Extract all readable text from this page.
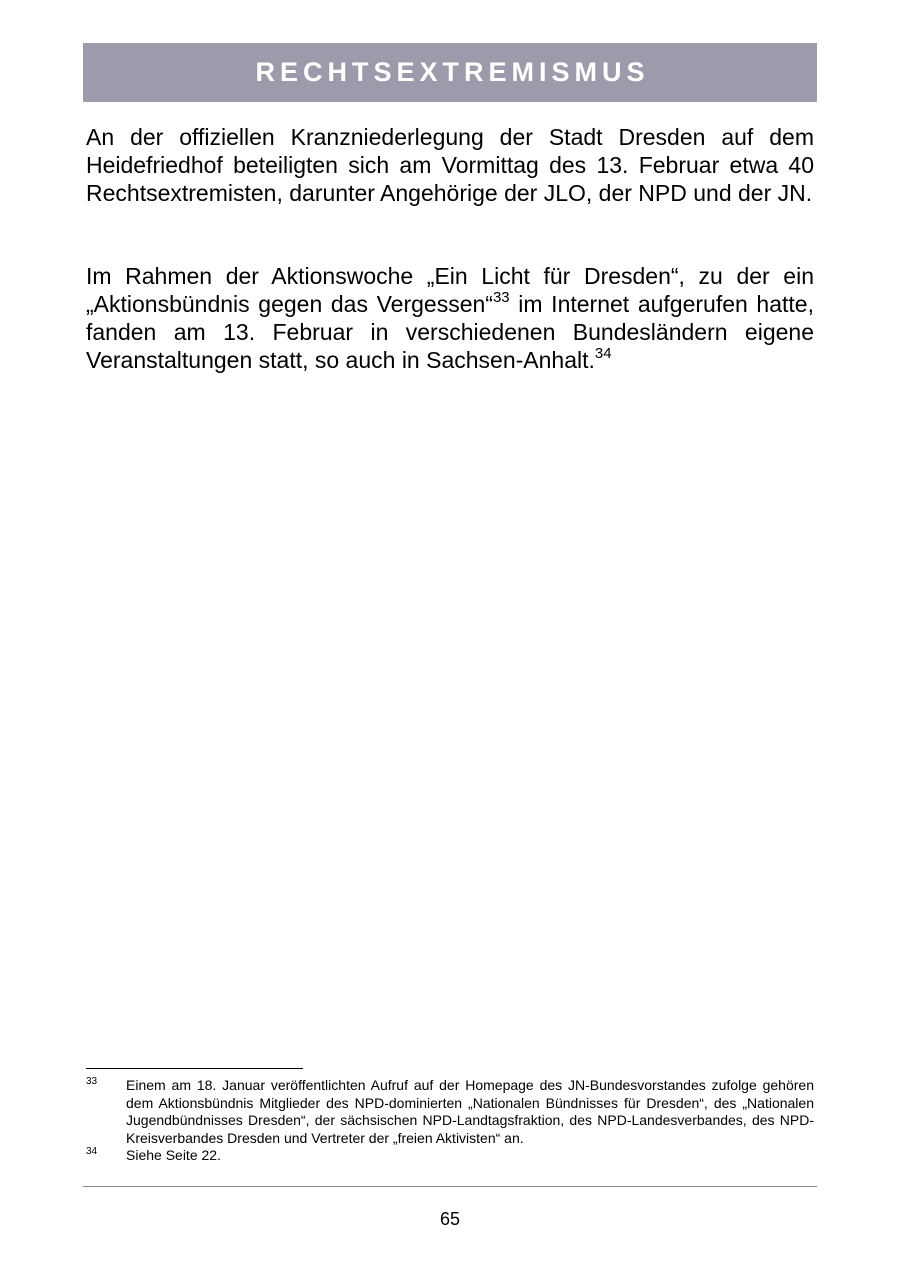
RECHTSEXTREMISMUS

An der offiziellen Kranzniederlegung der Stadt Dresden auf dem Heidefriedhof beteiligten sich am Vormittag des 13. Februar etwa 40 Rechtsextremisten, darunter Angehörige der JLO, der NPD und der JN.

Im Rahmen der Aktionswoche „Ein Licht für Dresden“, zu der ein „Aktionsbündnis gegen das Vergessen“$^{33}$ im Internet aufgerufen hatte, fanden am 13. Februar in verschiedenen Bundesländern eigene Veranstaltungen statt, so auch in Sachsen-Anhalt.$^{34}$

33 Einem am 18. Januar veröffentlichten Aufruf auf der Homepage des JN-Bundesvorstandes zufolge gehören dem Aktionsbündnis Mitglieder des NPD-dominierten „Nationalen Bündnisses für Dresden“, des „Nationalen Jugendbündnisses Dresden“, der sächsischen NPD-Landtagsfraktion, des NPD-Landesverbandes, des NPD-Kreisverbandes Dresden und Vertreter der „freien Aktivisten“ an.
34 Siehe Seite 22.
65
